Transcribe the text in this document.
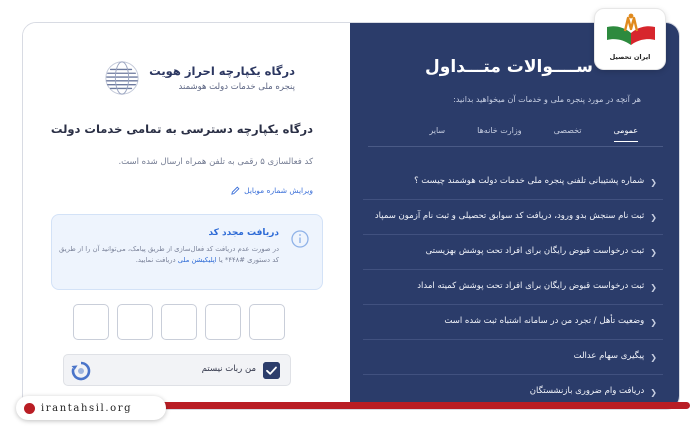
درگاه یکپارچه احراز هویت
پنجره ملی خدمات دولت هوشمند
درگاه یکپارچه دسترسی به تمامی خدمات دولت
کد فعالسازی ۵ رقمی به تلفن همراه ارسال شده است.
ویرایش شماره موبایل
دریافت مجدد کد
در صورت عدم دریافت کد فعال‌سازی از طریق پیامک، می‌توانید آن را از طریق کد دستوری #۴۴۸* یا اپلیکیشن ملی دریافت نمایید.
من ربات نیستم
ســــوالات متـــداول
هر آنچه در مورد پنجره ملی و خدمات آن میخواهید بدانید:
عمومی
تخصصی
وزارت خانه‌ها
سایر
❮
شماره پشتیبانی تلفنی پنجره ملی خدمات دولت هوشمند چیست ؟
❮
ثبت نام سنجش بدو ورود، دریافت کد سوابق تحصیلی و ثبت نام آزمون سمپاد
❮
ثبت درخواست قبوض رایگان برای افراد تحت پوشش بهزیستی
❮
ثبت درخواست قبوض رایگان برای افراد تحت پوشش کمیته امداد
❮
وضعیت تأهل / تجرد من در سامانه اشتباه ثبت شده است
❮
پیگیری سهام عدالت
❮
دریافت وام ضروری بازنشستگان
ایران تحصیل
irantahsil.org
